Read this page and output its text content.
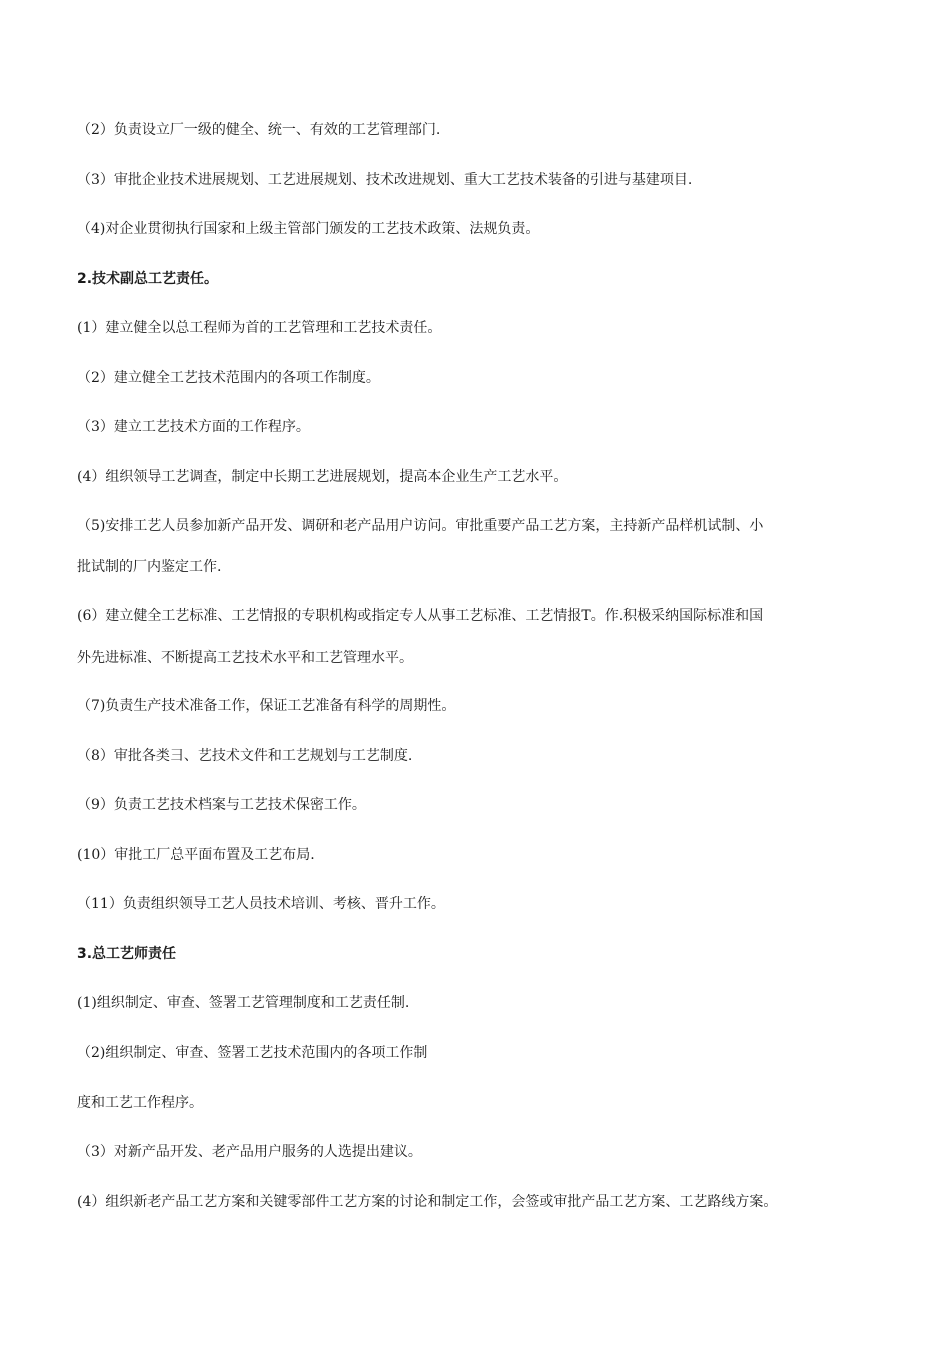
（2）负责设立厂一级的健全、统一、有效的工艺管理部门.
（3）审批企业技术进展规划、工艺进展规划、技术改进规划、重大工艺技术装备的引进与基建项目.
（4)对企业贯彻执行国家和上级主管部门颁发的工艺技术政策、法规负责。
2.技术副总工艺责任。
(1）建立健全以总工程师为首的工艺管理和工艺技术责任。
（2）建立健全工艺技术范围内的各项工作制度。
（3）建立工艺技术方面的工作程序。
(4）组织领导工艺调查，制定中长期工艺进展规划，提高本企业生产工艺水平。
（5)安排工艺人员参加新产品开发、调研和老产品用户访问。审批重要产品工艺方案，主持新产品样机试制、小
批试制的厂内鉴定工作.
(6）建立健全工艺标准、工艺情报的专职机构或指定专人从事工艺标准、工艺情报T。作.积极采纳国际标准和国
外先进标准、不断提高工艺技术水平和工艺管理水平。
（7)负责生产技术准备工作，保证工艺准备有科学的周期性。
（8）审批各类彐、艺技术文件和工艺规划与工艺制度.
（9）负责工艺技术档案与工艺技术保密工作。
(10）审批工厂总平面布置及工艺布局.
（11）负责组织领导工艺人员技术培训、考核、晋升工作。
3.总工艺师责任
(1)组织制定、审查、签署工艺管理制度和工艺责任制.
（2)组织制定、审查、签署工艺技术范围内的各项工作制
度和工艺工作程序。
（3）对新产品开发、老产品用户服务的人选提出建议。
(4）组织新老产品工艺方案和关键零部件工艺方案的讨论和制定工作，会签或审批产品工艺方案、工艺路线方案。
